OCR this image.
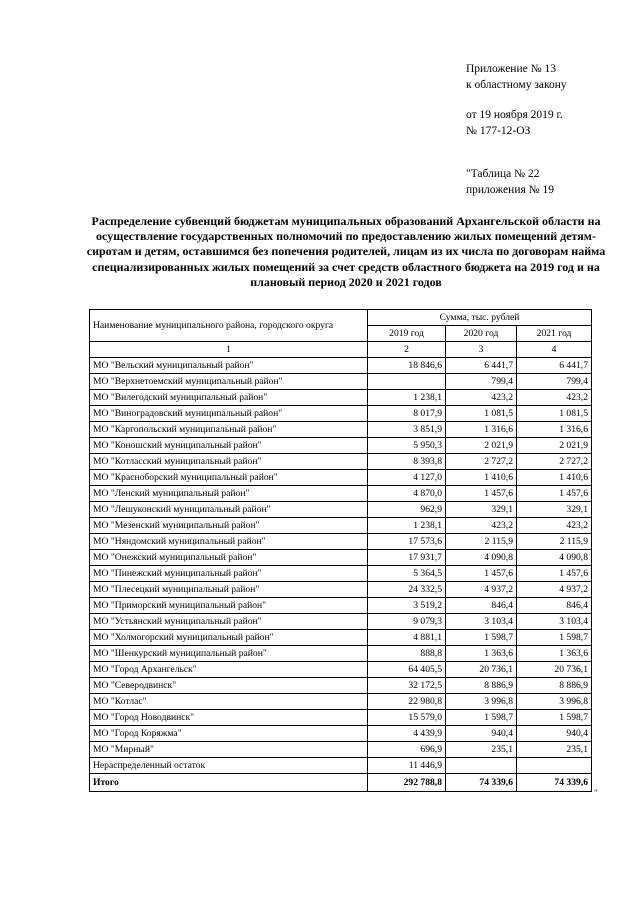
Приложение № 13
к областному закону
от 19 ноября 2019 г.
№ 177-12-ОЗ
"Таблица № 22
приложения № 19
Распределение субвенций бюджетам муниципальных образований Архангельской области на осуществление государственных полномочий по предоставлению жилых помещений детям-сиротам и детям, оставшимся без попечения родителей, лицам из их числа по договорам найма специализированных жилых помещений за счет средств областного бюджета на 2019 год и на плановый период 2020 и 2021 годов
Наименование муниципального района, городского округа	Сумма, тыс. рублей		
	2019 год	2020 год	2021 год
1	2	3	4
МО "Вельский муниципальный район"	18 846,6	6 441,7	6 441,7
МО "Верхнетоемский муниципальный район"		799,4	799,4
МО "Вилегодский муниципальный район"	1 238,1	423,2	423,2
МО "Виноградовский муниципальный район"	8 017,9	1 081,5	1 081,5
МО "Каргопольский муниципальный район"	3 851,9	1 316,6	1 316,6
МО "Коношский муниципальный район"	5 950,3	2 021,9	2 021,9
МО "Котласский муниципальный район"	8 393,8	2 727,2	2 727,2
МО "Красноборский муниципальный район"	4 127,0	1 410,6	1 410,6
МО "Ленский муниципальный район"	4 870,0	1 457,6	1 457,6
МО "Лешуконский муниципальный район"	962,9	329,1	329,1
МО "Мезенский муниципальный район"	1 238,1	423,2	423,2
МО "Няндомский муниципальный район"	17 573,6	2 115,9	2 115,9
МО "Онежский муниципальный район"	17 931,7	4 090,8	4 090,8
МО "Пинежский муниципальный район"	5 364,5	1 457,6	1 457,6
МО "Плесецкий муниципальный район"	24 332,5	4 937,2	4 937,2
МО "Приморский муниципальный район"	3 519,2	846,4	846,4
МО "Устьянский муниципальный район"	9 079,3	3 103,4	3 103,4
МО "Холмогорский муниципальный район"	4 881,1	1 598,7	1 598,7
МО "Шенкурский муниципальный район"	888,8	1 363,6	1 363,6
МО "Город Архангельск"	64 405,5	20 736,1	20 736,1
МО "Северодвинск"	32 172,5	8 886,9	8 886,9
МО "Котлас"	22 980,8	3 996,8	3 996,8
МО "Город Новодвинск"	15 579,0	1 598,7	1 598,7
МО "Город Коряжма"	4 439,9	940,4	940,4
МО "Мирный"	696,9	235,1	235,1
Нераспределенный остаток	11 446,9		
Итого	292 788,8	74 339,6	74 339,6
"
